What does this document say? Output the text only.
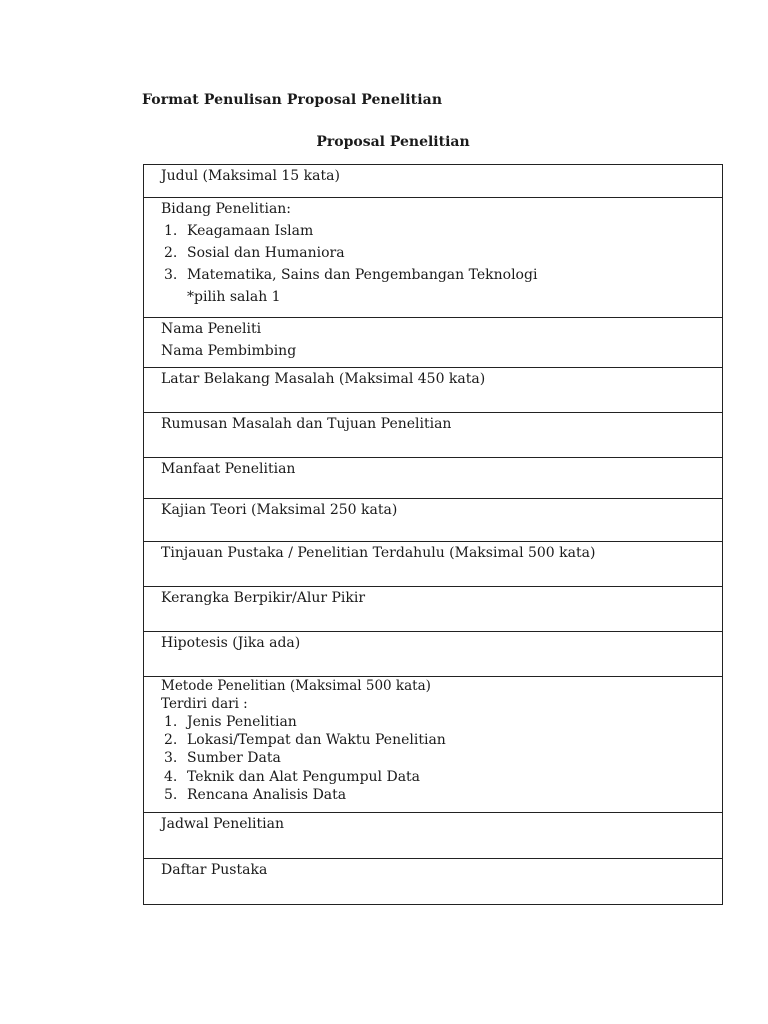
Format Penulisan Proposal Penelitian
Proposal Penelitian
Judul (Maksimal 15 kata)

Bidang Penelitian:
1. Keagamaan Islam
2. Sosial dan Humaniora
3. Matematika, Sains dan Pengembangan Teknologi
*pilih salah 1

Nama Peneliti
Nama Pembimbing

Latar Belakang Masalah (Maksimal 450 kata)

Rumusan Masalah dan Tujuan Penelitian

Manfaat Penelitian

Kajian Teori (Maksimal 250 kata)

Tinjauan Pustaka / Penelitian Terdahulu (Maksimal 500 kata)

Kerangka Berpikir/Alur Pikir

Hipotesis (Jika ada)

Metode Penelitian (Maksimal 500 kata)
Terdiri dari :
1. Jenis Penelitian
2. Lokasi/Tempat dan Waktu Penelitian
3. Sumber Data
4. Teknik dan Alat Pengumpul Data
5. Rencana Analisis Data

Jadwal Penelitian

Daftar Pustaka
